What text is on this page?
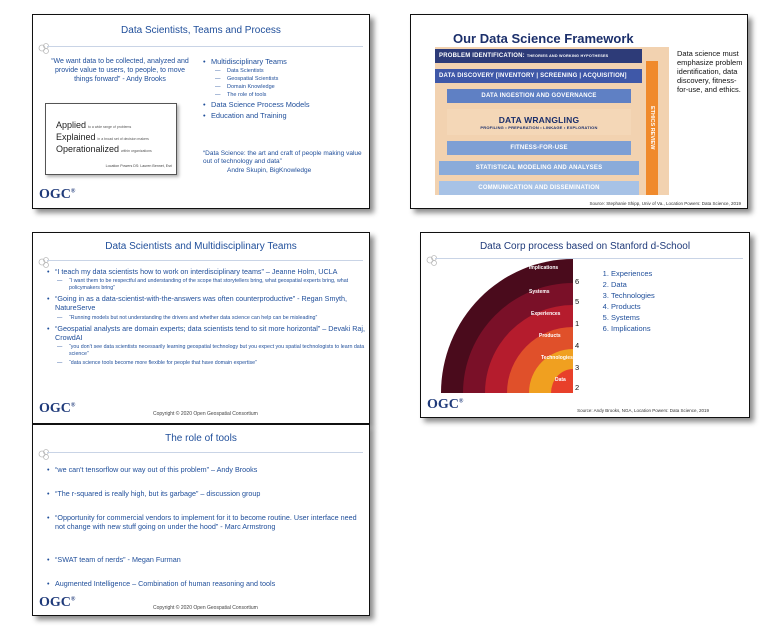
Data Scientists, Teams and Process
“We want data to be collected, analyzed and provide value to users, to people, to move things forward” - Andy Brooks
Applied to a wide range of problems
Explained in a broad set of decision makers
Operationalized within organizations
Location Powers DS: Lauren Bennet, Esri
• Multidisciplinary Teams
— Data Scientists
— Geospatial Scientists
— Domain Knowledge
— The role of tools
• Data Science Process Models
• Education and Training
“Data Science: the art and craft of people making value out of technology and data”
Andre Skupin, BigKnowledge
OGC®
Our Data Science Framework
PROBLEM IDENTIFICATION: THEORIES AND WORKING HYPOTHESES
DATA DISCOVERY [INVENTORY | SCREENING | ACQUISITION]
DATA INGESTION AND GOVERNANCE
DATA WRANGLING
PROFILING • PREPARATION • LINKAGE • EXPLORATION
FITNESS-FOR-USE
STATISTICAL MODELING AND ANALYSES
COMMUNICATION AND DISSEMINATION
ETHICS REVIEW
Data science must emphasize problem identification, data discovery, fitness-for-use, and ethics.
Source: Stephanie Shipp, Univ of Va., Location Powers: Data Science, 2019
Data Scientists and Multidisciplinary Teams
• “I teach my data scientists how to work on interdisciplinary teams” – Jeanne Holm, UCLA
— “I want them to be respectful and understanding of the scope that storytellers bring, what geospatial experts bring, what policymakers bring”
• “Going in as a data-scientist-with-the-answers was often counterproductive” - Regan Smyth, NatureServe
— “Running models but not understanding the drivers and whether data science can help can be misleading”
• “Geospatial analysts are domain experts; data scientists tend to sit more horizontal” – Devaki Raj, CrowdAI
— “you don't see data scientists necessarily learning geospatial technology but you expect you spatial technologists to learn data science”
— “data science tools become more flexible for people that have domain expertise”
OGC®
Copyright © 2020 Open Geospatial Consortium
Data Corp process based on Stanford d-School
Implications
Systems
Experiences
Products
Technologies
Data
6
5
1
4
3
2
1. Experiences
2. Data
3. Technologies
4. Products
5. Systems
6. Implications
OGC®
Source: Andy Brooks, NGA, Location Powers: Data Science, 2019
The role of tools
• “we can't tensorflow our way out of this problem” – Andy Brooks
• “The r-squared is really high, but its garbage” – discussion group
• “Opportunity for commercial vendors to implement for it to become routine. User interface need not change with new stuff going on under the hood” - Marc Armstrong
• “SWAT team of nerds” - Megan Furman
• Augmented Intelligence – Combination of human reasoning and tools
OGC®
Copyright © 2020 Open Geospatial Consortium
